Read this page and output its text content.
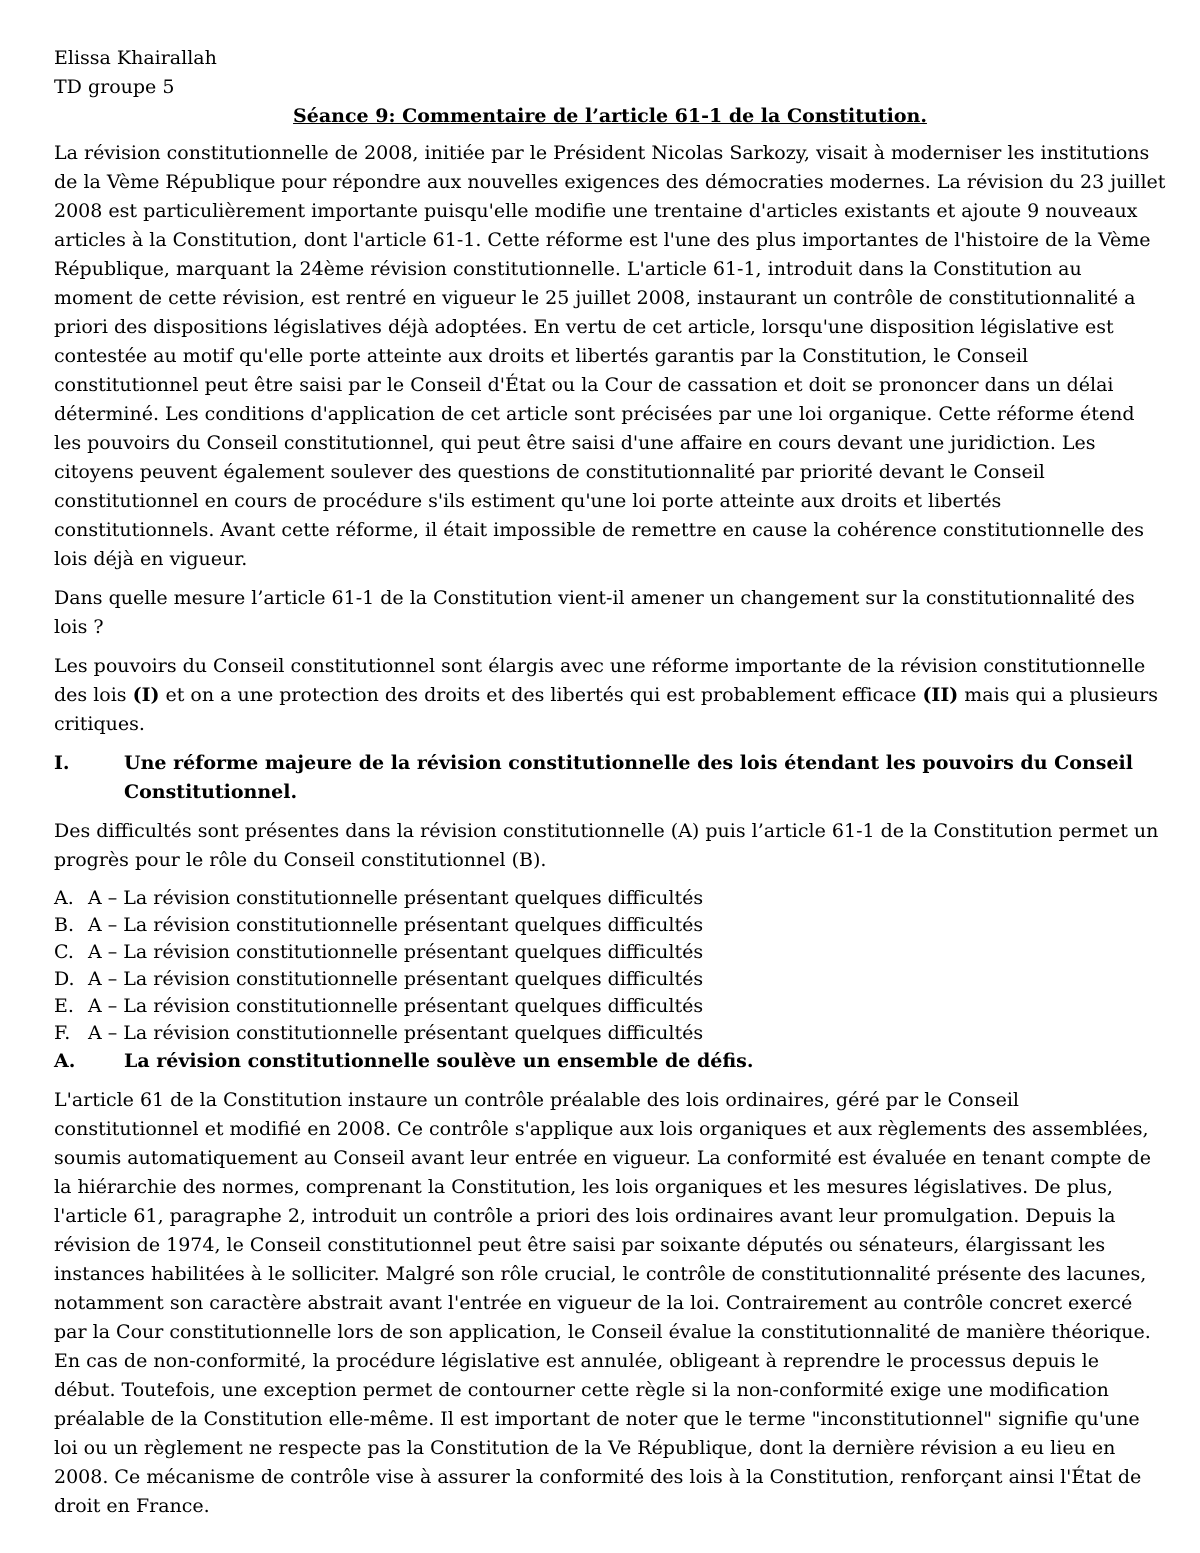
Elissa Khairallah

TD groupe 5

Séance 9: Commentaire de l’article 61-1 de la Constitution.

La révision constitutionnelle de 2008, initiée par le Président Nicolas Sarkozy, visait à moderniser les institutions de la Vème République pour répondre aux nouvelles exigences des démocraties modernes. La révision du 23 juillet 2008 est particulièrement importante puisqu'elle modifie une trentaine d'articles existants et ajoute 9 nouveaux articles à la Constitution, dont l'article 61-1. Cette réforme est l'une des plus importantes de l'histoire de la Vème République, marquant la 24ème révision constitutionnelle. L'article 61-1, introduit dans la Constitution au moment de cette révision, est rentré en vigueur le 25 juillet 2008, instaurant un contrôle de constitutionnalité a priori des dispositions législatives déjà adoptées. En vertu de cet article, lorsqu'une disposition législative est contestée au motif qu'elle porte atteinte aux droits et libertés garantis par la Constitution, le Conseil constitutionnel peut être saisi par le Conseil d'État ou la Cour de cassation et doit se prononcer dans un délai déterminé. Les conditions d'application de cet article sont précisées par une loi organique. Cette réforme étend les pouvoirs du Conseil constitutionnel, qui peut être saisi d'une affaire en cours devant une juridiction. Les citoyens peuvent également soulever des questions de constitutionnalité par priorité devant le Conseil constitutionnel en cours de procédure s'ils estiment qu'une loi porte atteinte aux droits et libertés constitutionnels. Avant cette réforme, il était impossible de remettre en cause la cohérence constitutionnelle des lois déjà en vigueur.

Dans quelle mesure l’article 61-1 de la Constitution vient-il amener un changement sur la constitutionnalité des lois ?

Les pouvoirs du Conseil constitutionnel sont élargis avec une réforme importante de la révision constitutionnelle des lois (I) et on a une protection des droits et des libertés qui est probablement efficace (II) mais qui a plusieurs critiques.

I.	Une réforme majeure de la révision constitutionnelle des lois étendant les pouvoirs du Conseil Constitutionnel.

Des difficultés sont présentes dans la révision constitutionnelle (A) puis l’article 61-1 de la Constitution permet un progrès pour le rôle du Conseil constitutionnel (B).

A. A – La révision constitutionnelle présentant quelques difficultés
B. A – La révision constitutionnelle présentant quelques difficultés
C. A – La révision constitutionnelle présentant quelques difficultés
D. A – La révision constitutionnelle présentant quelques difficultés
E. A – La révision constitutionnelle présentant quelques difficultés
F. A – La révision constitutionnelle présentant quelques difficultés
A.	La révision constitutionnelle soulève un ensemble de défis.

L'article 61 de la Constitution instaure un contrôle préalable des lois ordinaires, géré par le Conseil constitutionnel et modifié en 2008. Ce contrôle s'applique aux lois organiques et aux règlements des assemblées, soumis automatiquement au Conseil avant leur entrée en vigueur. La conformité est évaluée en tenant compte de la hiérarchie des normes, comprenant la Constitution, les lois organiques et les mesures législatives. De plus, l'article 61, paragraphe 2, introduit un contrôle a priori des lois ordinaires avant leur promulgation. Depuis la révision de 1974, le Conseil constitutionnel peut être saisi par soixante députés ou sénateurs, élargissant les instances habilitées à le solliciter. Malgré son rôle crucial, le contrôle de constitutionnalité présente des lacunes, notamment son caractère abstrait avant l'entrée en vigueur de la loi. Contrairement au contrôle concret exercé par la Cour constitutionnelle lors de son application, le Conseil évalue la constitutionnalité de manière théorique. En cas de non-conformité, la procédure législative est annulée, obligeant à reprendre le processus depuis le début. Toutefois, une exception permet de contourner cette règle si la non-conformité exige une modification préalable de la Constitution elle-même. Il est important de noter que le terme "inconstitutionnel" signifie qu'une loi ou un règlement ne respecte pas la Constitution de la Ve République, dont la dernière révision a eu lieu en 2008. Ce mécanisme de contrôle vise à assurer la conformité des lois à la Constitution, renforçant ainsi l'État de droit en France.
